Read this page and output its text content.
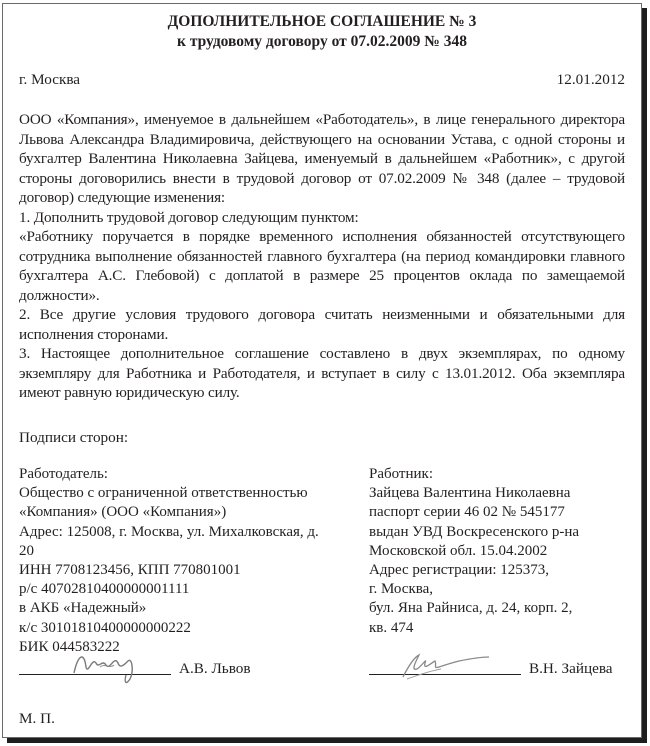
ДОПОЛНИТЕЛЬНОЕ СОГЛАШЕНИЕ № 3
к трудовому договору от 07.02.2009 № 348
г. Москва	12.01.2012

ООО «Компания», именуемое в дальнейшем «Работодатель», в лице генерального директора Львова Александра Владимировича, действующего на основании Устава, с одной стороны и бухгалтер Валентина Николаевна Зайцева, именуемый в дальнейшем «Работник», с другой стороны договорились внести в трудовой договор от 07.02.2009 № 348 (далее – трудовой договор) следующие изменения:

1. Дополнить трудовой договор следующим пунктом:

«Работнику поручается в порядке временного исполнения обязанностей отсутствующего сотрудника выполнение обязанностей главного бухгалтера (на период командировки главного бухгалтера А.С. Глебовой) с доплатой в размере 25 процентов оклада по замещаемой должности».

2. Все другие условия трудового договора считать неизменными и обязательными для исполнения сторонами.

3. Настоящее дополнительное соглашение составлено в двух экземплярах, по одному экземпляру для Работника и Работодателя, и вступает в силу с 13.01.2012. Оба экземпляра имеют равную юридическую силу.

Подписи сторон:
Работодатель:
Общество с ограниченной ответственностью
«Компания» (ООО «Компания»)
Адрес: 125008, г. Москва, ул. Михалковская, д.
20
ИНН 7708123456, КПП 770801001
р/с 40702810400000001111
в АКБ «Надежный»
к/с 30101810400000000222
БИК 044583222
Работник:
Зайцева Валентина Николаевна
паспорт серии 46 02 № 545177
выдан УВД Воскресенского р-на
Московской обл. 15.04.2002
Адрес регистрации: 125373,
г. Москва,
бул. Яна Райниса, д. 24, корп. 2,
кв. 474
А.В. Львов	В.Н. Зайцева
М. П.
